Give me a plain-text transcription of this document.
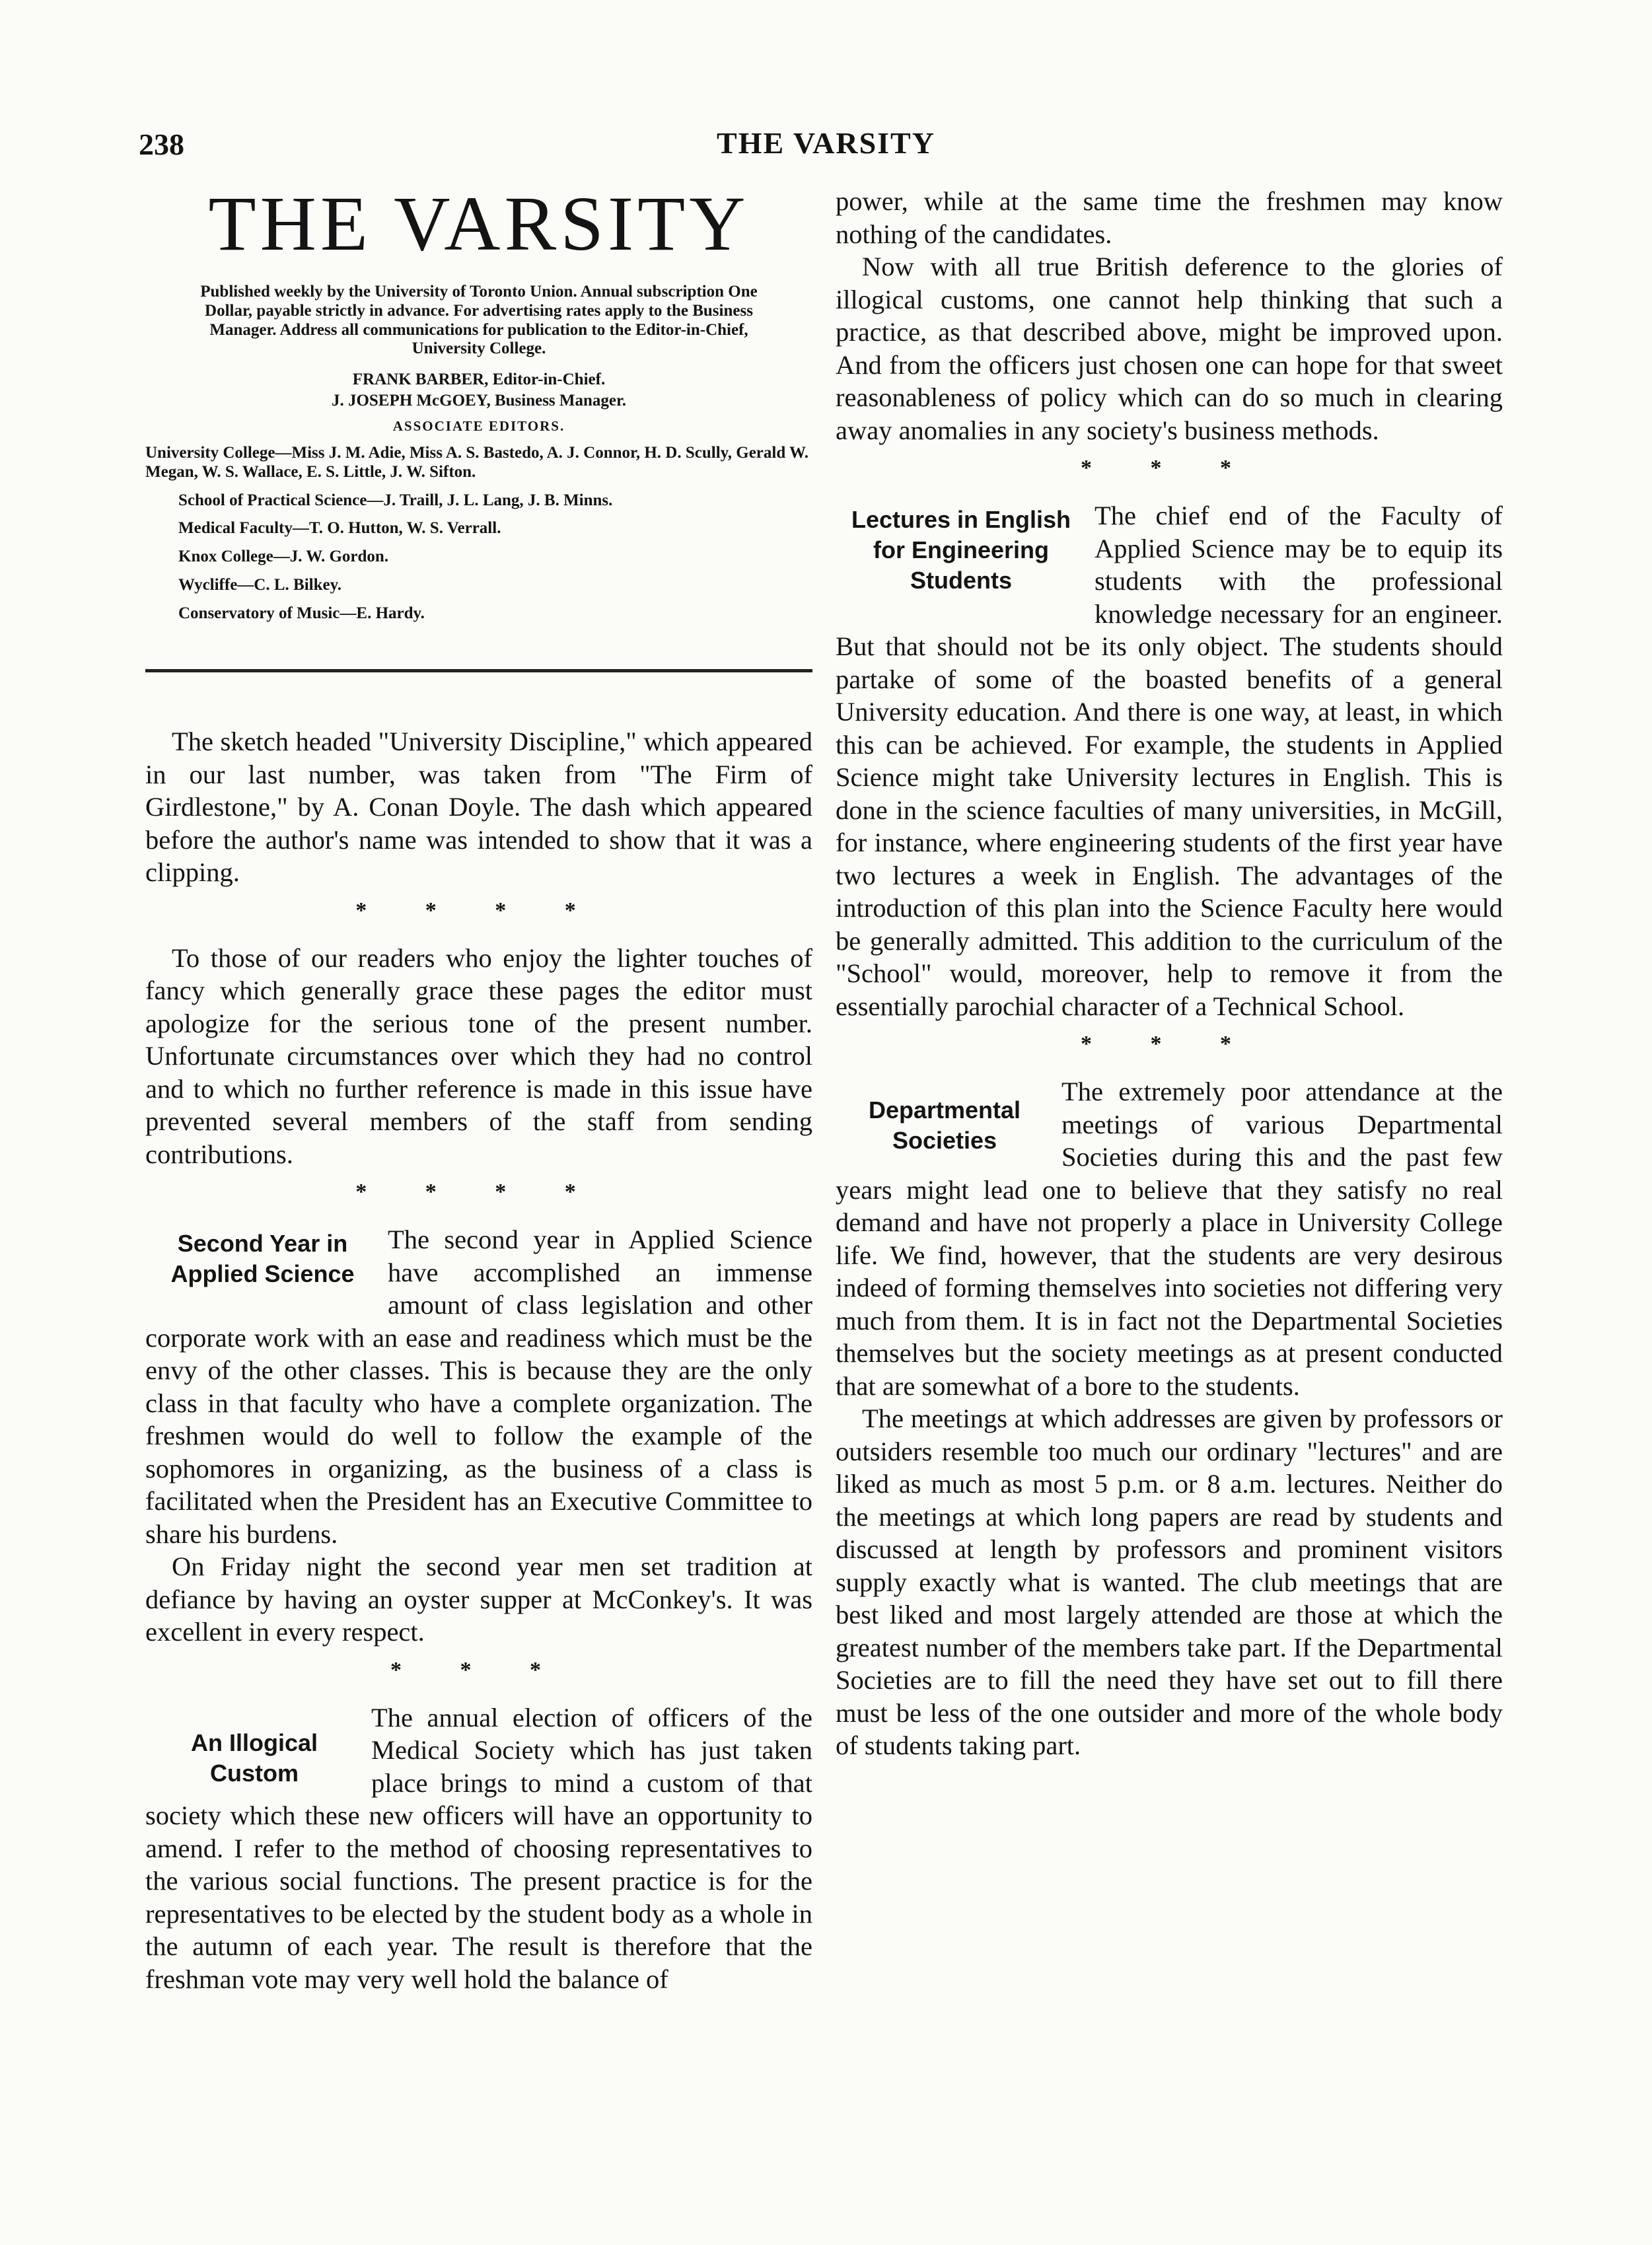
238	THE VARSITY
THE VARSITY
Published weekly by the University of Toronto Union. Annual subscription One Dollar, payable strictly in advance. For advertising rates apply to the Business Manager. Address all communications for publication to the Editor-in-Chief, University College.
FRANK BARBER, Editor-in-Chief.
J. JOSEPH McGOEY, Business Manager.
ASSOCIATE EDITORS.
University College—Miss J. M. Adie, Miss A. S. Bastedo, A. J. Connor, H. D. Scully, Gerald W. Megan, W. S. Wallace, E. S. Little, J. W. Sifton.
School of Practical Science—J. Traill, J. L. Lang, J. B. Minns.
Medical Faculty—T. O. Hutton, W. S. Verrall.
Knox College—J. W. Gordon.
Wycliffe—C. L. Bilkey.
Conservatory of Music—E. Hardy.

The sketch headed "University Discipline," which appeared in our last number, was taken from "The Firm of Girdlestone," by A. Conan Doyle. The dash which appeared before the author's name was intended to show that it was a clipping.

* * * *

To those of our readers who enjoy the lighter touches of fancy which generally grace these pages the editor must apologize for the serious tone of the present number. Unfortunate circumstances over which they had no control and to which no further reference is made in this issue have prevented several members of the staff from sending contributions.

* * * *
Second Year in Applied Science

The second year in Applied Science have accomplished an immense amount of class legislation and other corporate work with an ease and readiness which must be the envy of the other classes. This is because they are the only class in that faculty who have a complete organization. The freshmen would do well to follow the example of the sophomores in organizing, as the business of a class is facilitated when the President has an Executive Committee to share his burdens.

On Friday night the second year men set tradition at defiance by having an oyster supper at McConkey's. It was excellent in every respect.

* * *
An Illogical Custom

The annual election of officers of the Medical Society which has just taken place brings to mind a custom of that society which these new officers will have an opportunity to amend. I refer to the method of choosing representatives to the various social functions. The present practice is for the representatives to be elected by the student body as a whole in the autumn of each year. The result is therefore that the freshman vote may very well hold the balance of

power, while at the same time the freshmen may know nothing of the candidates.

Now with all true British deference to the glories of illogical customs, one cannot help thinking that such a practice, as that described above, might be improved upon. And from the officers just chosen one can hope for that sweet reasonableness of policy which can do so much in clearing away anomalies in any society's business methods.

* * *
Lectures in English for Engineering Students

The chief end of the Faculty of Applied Science may be to equip its students with the professional knowledge necessary for an engineer. But that should not be its only object. The students should partake of some of the boasted benefits of a general University education. And there is one way, at least, in which this can be achieved. For example, the students in Applied Science might take University lectures in English. This is done in the science faculties of many universities, in McGill, for instance, where engineering students of the first year have two lectures a week in English. The advantages of the introduction of this plan into the Science Faculty here would be generally admitted. This addition to the curriculum of the "School" would, moreover, help to remove it from the essentially parochial character of a Technical School.

* * *
Departmental Societies

The extremely poor attendance at the meetings of various Departmental Societies during this and the past few years might lead one to believe that they satisfy no real demand and have not properly a place in University College life. We find, however, that the students are very desirous indeed of forming themselves into societies not differing very much from them. It is in fact not the Departmental Societies themselves but the society meetings as at present conducted that are somewhat of a bore to the students.

The meetings at which addresses are given by professors or outsiders resemble too much our ordinary "lectures" and are liked as much as most 5 p.m. or 8 a.m. lectures. Neither do the meetings at which long papers are read by students and discussed at length by professors and prominent visitors supply exactly what is wanted. The club meetings that are best liked and most largely attended are those at which the greatest number of the members take part. If the Departmental Societies are to fill the need they have set out to fill there must be less of the one outsider and more of the whole body of students taking part.
